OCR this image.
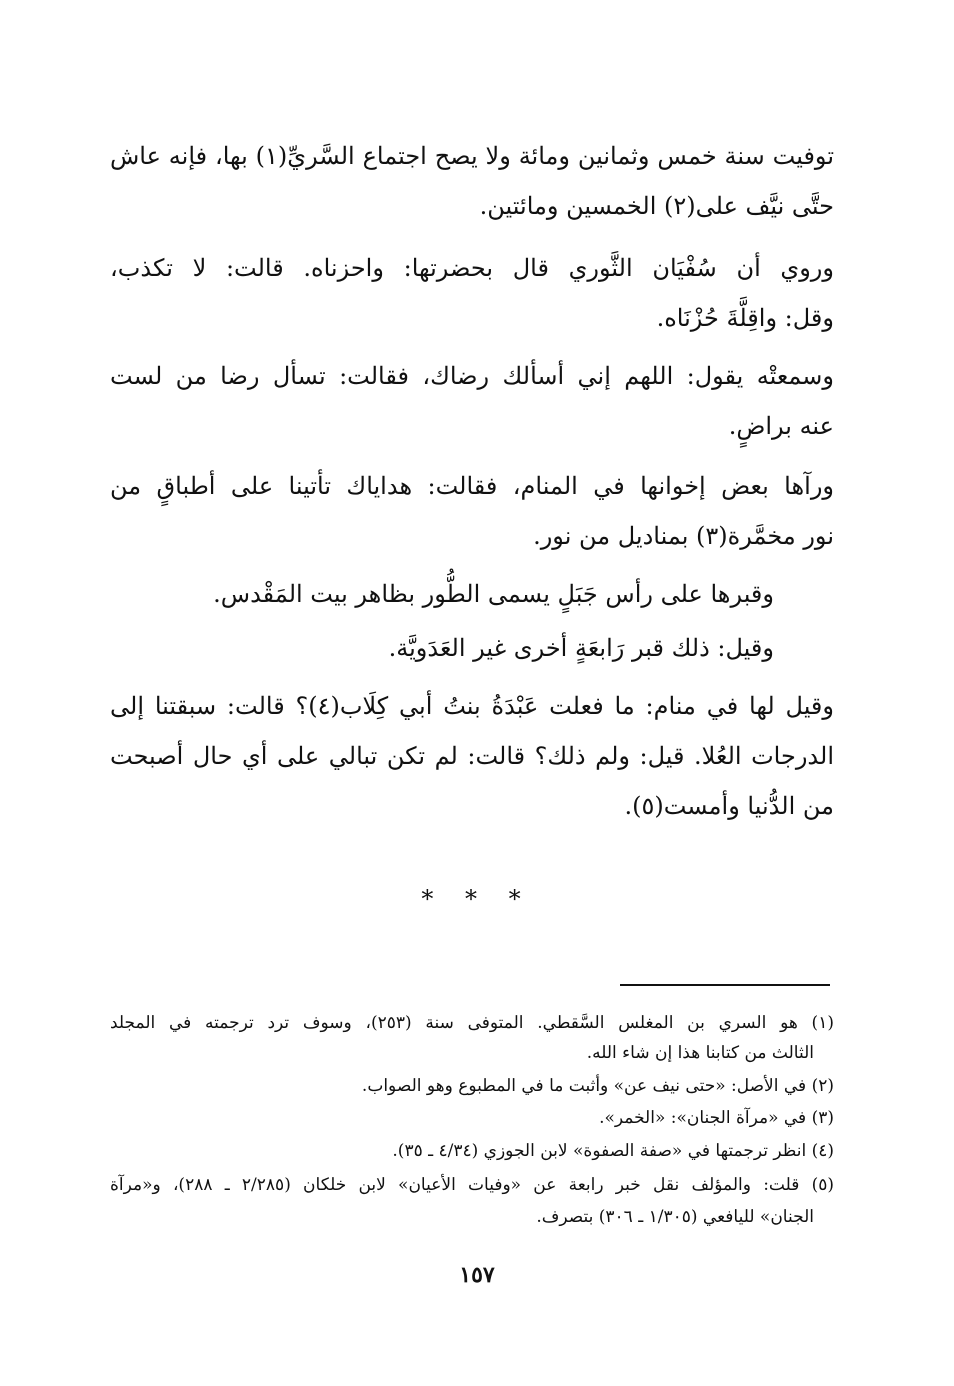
توفيت سنة خمس وثمانين ومائة ولا يصح اجتماع السَّريِّ(١) بها، فإنه عاش
حتَّى نيَّف على(٢) الخمسين ومائتين.
وروي أن سُفْيَان الثَّوري قال بحضرتها: واحزناه. قالت: لا تكذب،
وقل: واقِلَّةَ حُزْنَاه.
وسمعتْه يقول: اللهم إني أسألك رضاك، فقالت: تسأل رضا من لست
عنه براضٍ.
ورآها بعض إخوانها في المنام، فقالت: هداياك تأتينا على أطباقٍ من
نور مخمَّرة(٣) بمناديل من نور.
وقبرها على رأس جَبَلٍ يسمى الطُّور بظاهر بيت المَقْدس.
وقيل: ذلك قبر رَابعَةٍ أخرى غير العَدَويَّة.
وقيل لها في منام: ما فعلت عَبْدَةُ بنتُ أبي كِلَاب(٤)؟ قالت: سبقتنا إلى
الدرجات العُلا. قيل: ولم ذلك؟ قالت: لم تكن تبالي على أي حال أصبحت
من الدُّنيا وأمست(٥).
* * *
(١) هو السري بن المغلس السَّقطي. المتوفى سنة (٢٥٣)، وسوف ترد ترجمته في المجلد
الثالث من كتابنا هذا إن شاء الله.
(٢) في الأصل: «حتى نيف عن» وأثبت ما في المطبوع وهو الصواب.
(٣) في «مرآة الجنان»: «الخمر».
(٤) انظر ترجمتها في «صفة الصفوة» لابن الجوزي (٤/٣٤ ـ ٣٥).
(٥) قلت: والمؤلف نقل خبر رابعة عن «وفيات الأعيان» لابن خلكان (٢/٢٨٥ ـ ٢٨٨)، و«مرآة
الجنان» لليافعي (١/٣٠٥ ـ ٣٠٦) بتصرف.
١٥٧
